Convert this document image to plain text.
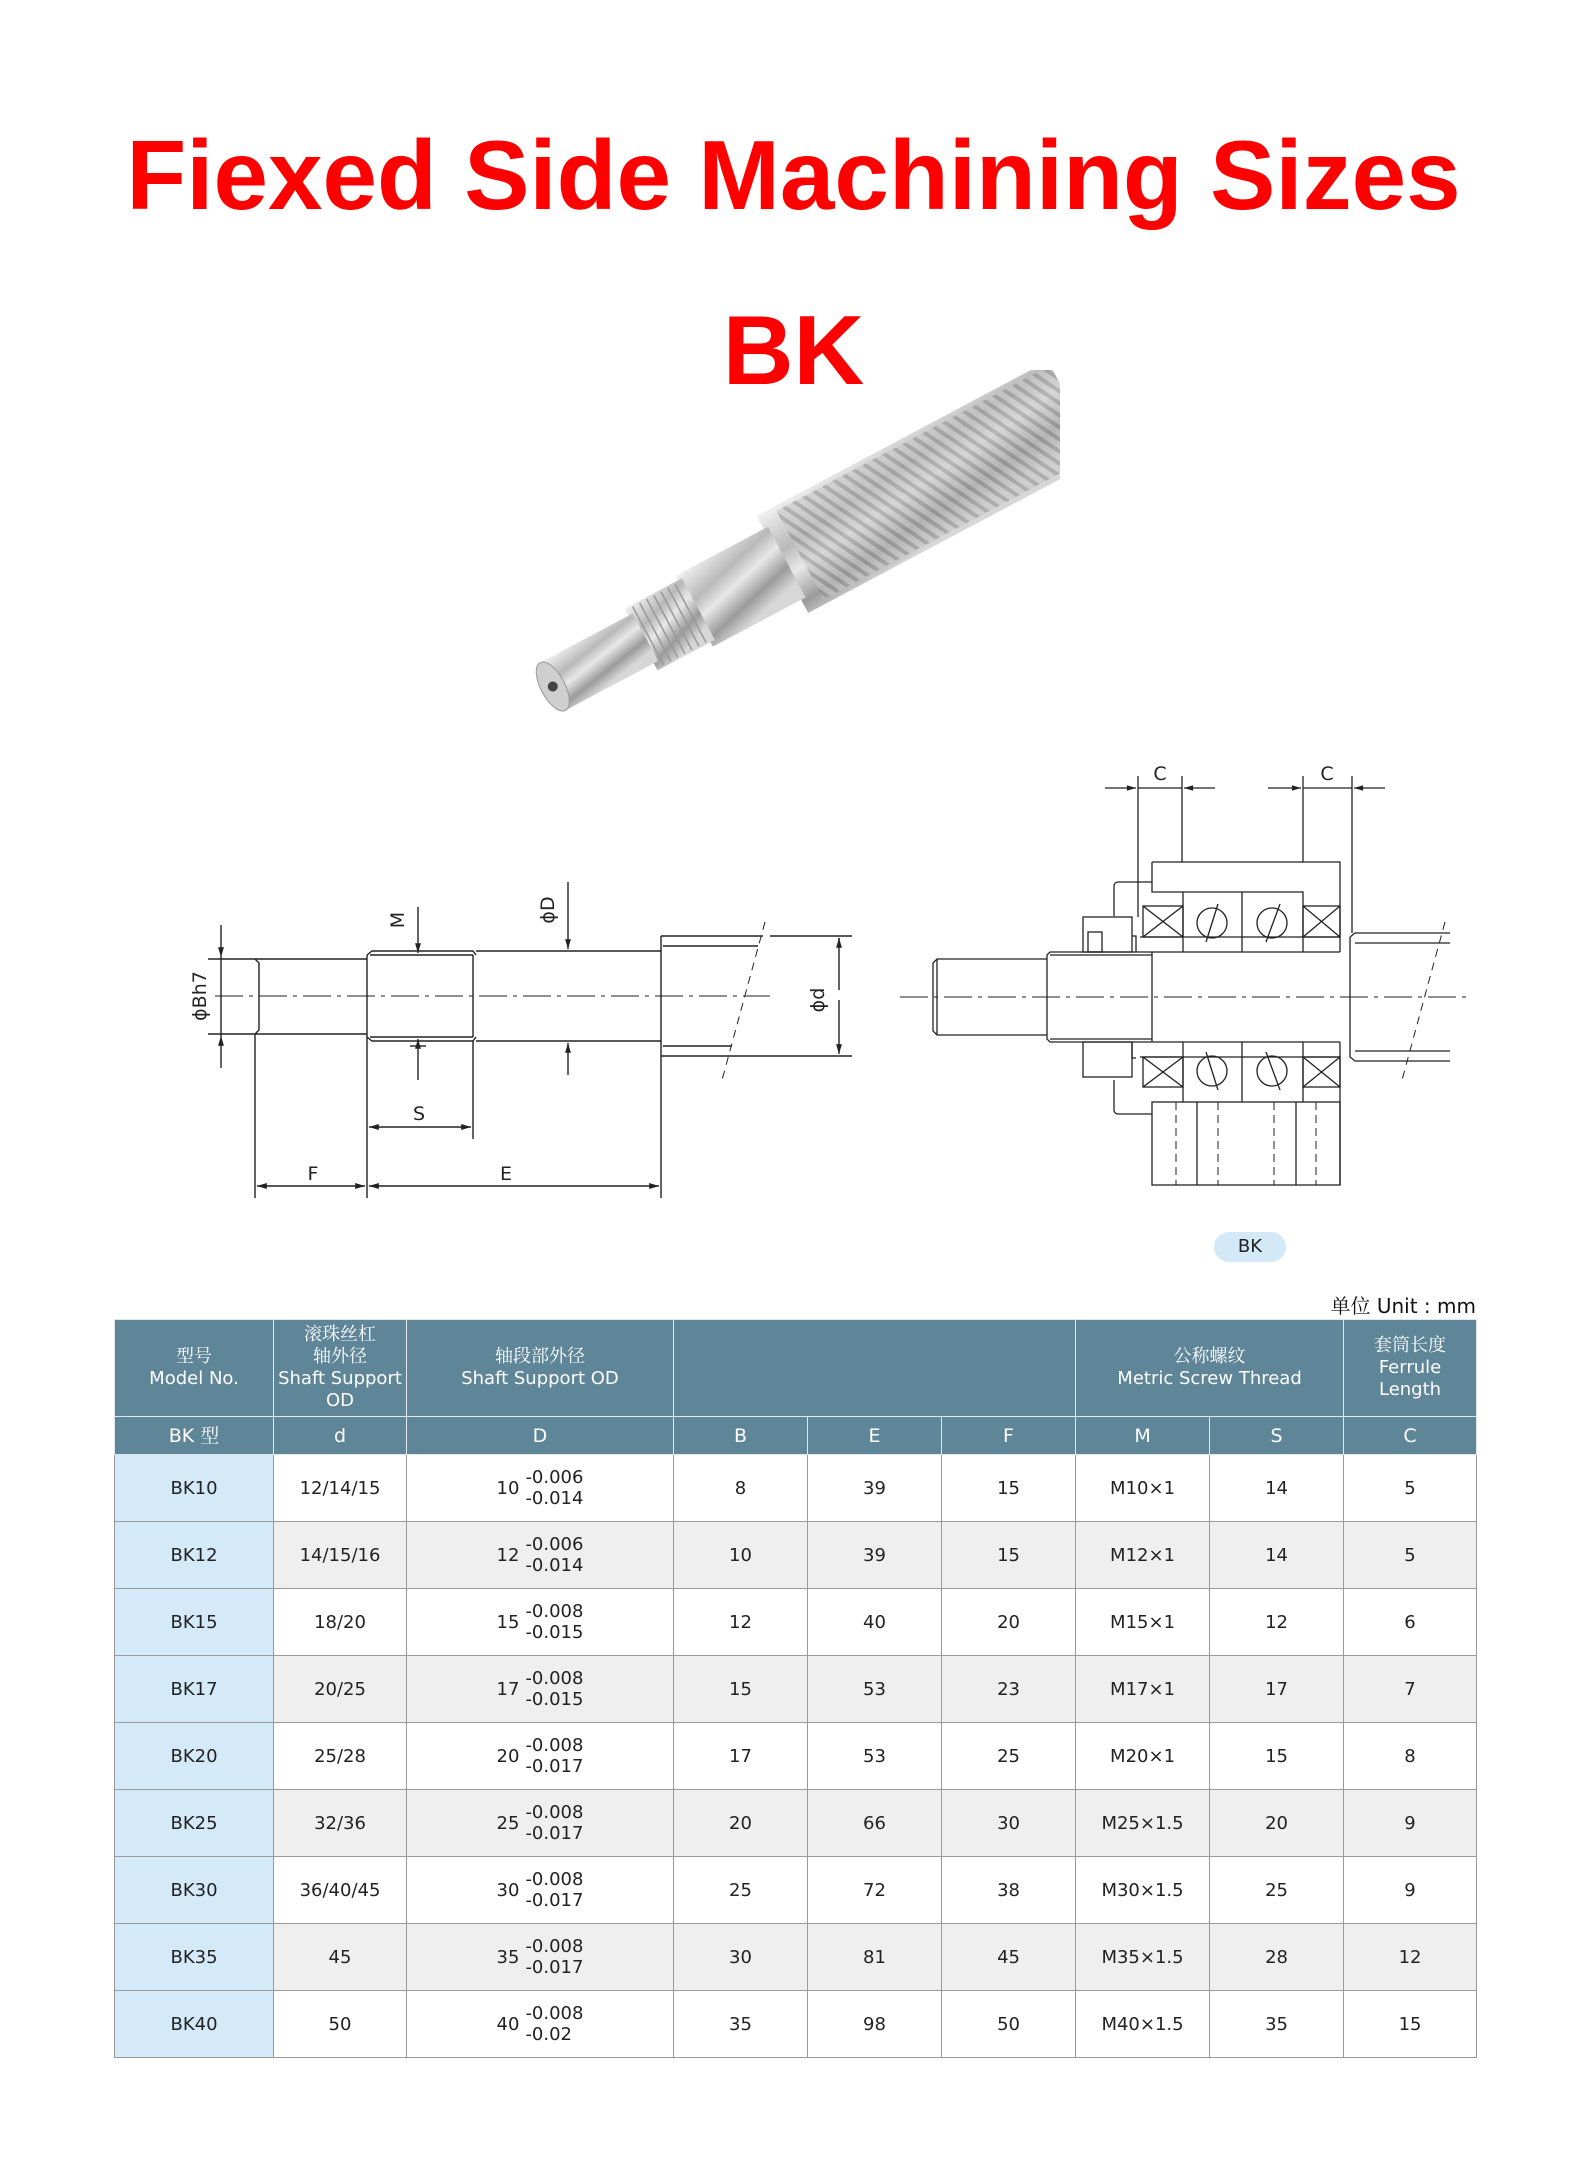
Fiexed Side Machining Sizes
BK
ϕBh7
M	ϕD
ϕd
S
F	E
C	C
BK
单位 Unit : mm
型号
Model No.

滚珠丝杠
轴外径
Shaft Support
OD

轴段部外径
Shaft Support OD

公称螺纹
Metric Screw Thread

套筒长度
Ferrule Length

BK 型	d	D	B	E	F	M	S	C
BK10	12/14/15	10 -0.006
-0.014	8	39	15	M10×1	14	5
BK12	14/15/16	12 -0.006
-0.014	10	39	15	M12×1	14	5
BK15	18/20	15 -0.008
-0.015	12	40	20	M15×1	12	6
BK17	20/25	17 -0.008
-0.015	15	53	23	M17×1	17	7
BK20	25/28	20 -0.008
-0.017	17	53	25	M20×1	15	8
BK25	32/36	25 -0.008
-0.017	20	66	30	M25×1.5	20	9
BK30	36/40/45	30 -0.008
-0.017	25	72	38	M30×1.5	25	9
BK35	45	35 -0.008
-0.017	30	81	45	M35×1.5	28	12
BK40	50	40 -0.008
-0.02	35	98	50	M40×1.5	35	15
